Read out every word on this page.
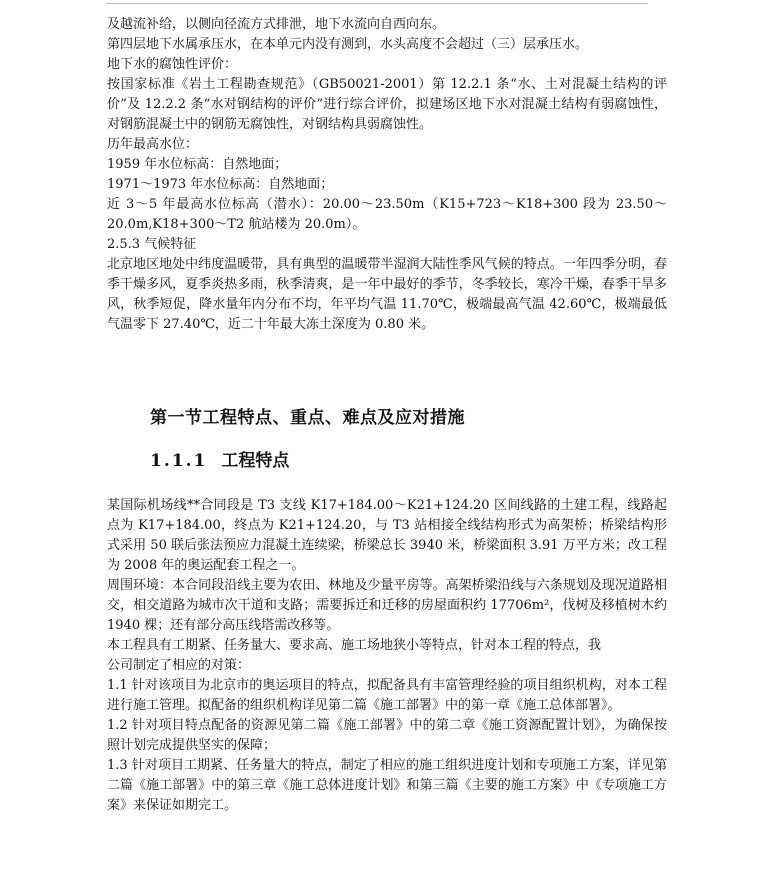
及越流补给，以侧向径流方式排泄，地下水流向自西向东。

第四层地下水属承压水，在本单元内没有测到，水头高度不会超过（三）层承压水。

地下水的腐蚀性评价：

按国家标准《岩土工程勘查规范》（GB50021-2001）第 12.2.1 条“水、土对混凝土结构的评价”及 12.2.2 条“水对钢结构的评价”进行综合评价，拟建场区地下水对混凝土结构有弱腐蚀性，对钢筋混凝土中的钢筋无腐蚀性，对钢结构具弱腐蚀性。

历年最高水位：

1959 年水位标高：自然地面；

1971～1973 年水位标高：自然地面；

近 3～5 年最高水位标高（潜水）：20.00～23.50m（K15+723～K18+300 段为 23.50～20.0m,K18+300～T2 航站楼为 20.0m）。

2.5.3 气候特征

北京地区地处中纬度温暖带，具有典型的温暖带半湿润大陆性季风气候的特点。一年四季分明，春季干燥多风，夏季炎热多雨，秋季清爽，是一年中最好的季节，冬季较长，寒冷干燥，春季干旱多风，秋季短促，降水量年内分布不均，年平均气温 11.70℃，极端最高气温 42.60℃，极端最低气温零下 27.40℃，近二十年最大冻土深度为 0.80 米。

第一节工程特点、重点、难点及应对措施
1.1.1 工程特点

某国际机场线**合同段是 T3 支线 K17+184.00～K21+124.20 区间线路的土建工程，线路起点为 K17+184.00，终点为 K21+124.20，与 T3 站相接全线结构形式为高架桥；桥梁结构形式采用 50 联后张法预应力混凝土连续梁，桥梁总长 3940 米，桥梁面积 3.91 万平方米；改工程为 2008 年的奥运配套工程之一。

周围环境：本合同段沿线主要为农田、林地及少量平房等。高架桥梁沿线与六条规划及现况道路相交，相交道路为城市次干道和支路；需要拆迁和迁移的房屋面积约 17706m²，伐树及移植树木约 1940 棵；还有部分高压线塔需改移等。

本工程具有工期紧、任务量大、要求高、施工场地狭小等特点，针对本工程的特点，我

公司制定了相应的对策：

1.1 针对该项目为北京市的奥运项目的特点，拟配备具有丰富管理经验的项目组织机构，对本工程进行施工管理。拟配备的组织机构详见第二篇《施工部署》中的第一章《施工总体部署》。

1.2 针对项目特点配备的资源见第二篇《施工部署》中的第二章《施工资源配置计划》，为确保按照计划完成提供坚实的保障；

1.3 针对项目工期紧、任务量大的特点，制定了相应的施工组织进度计划和专项施工方案，详见第二篇《施工部署》中的第三章《施工总体进度计划》和第三篇《主要的施工方案》中《专项施工方案》来保证如期完工。
